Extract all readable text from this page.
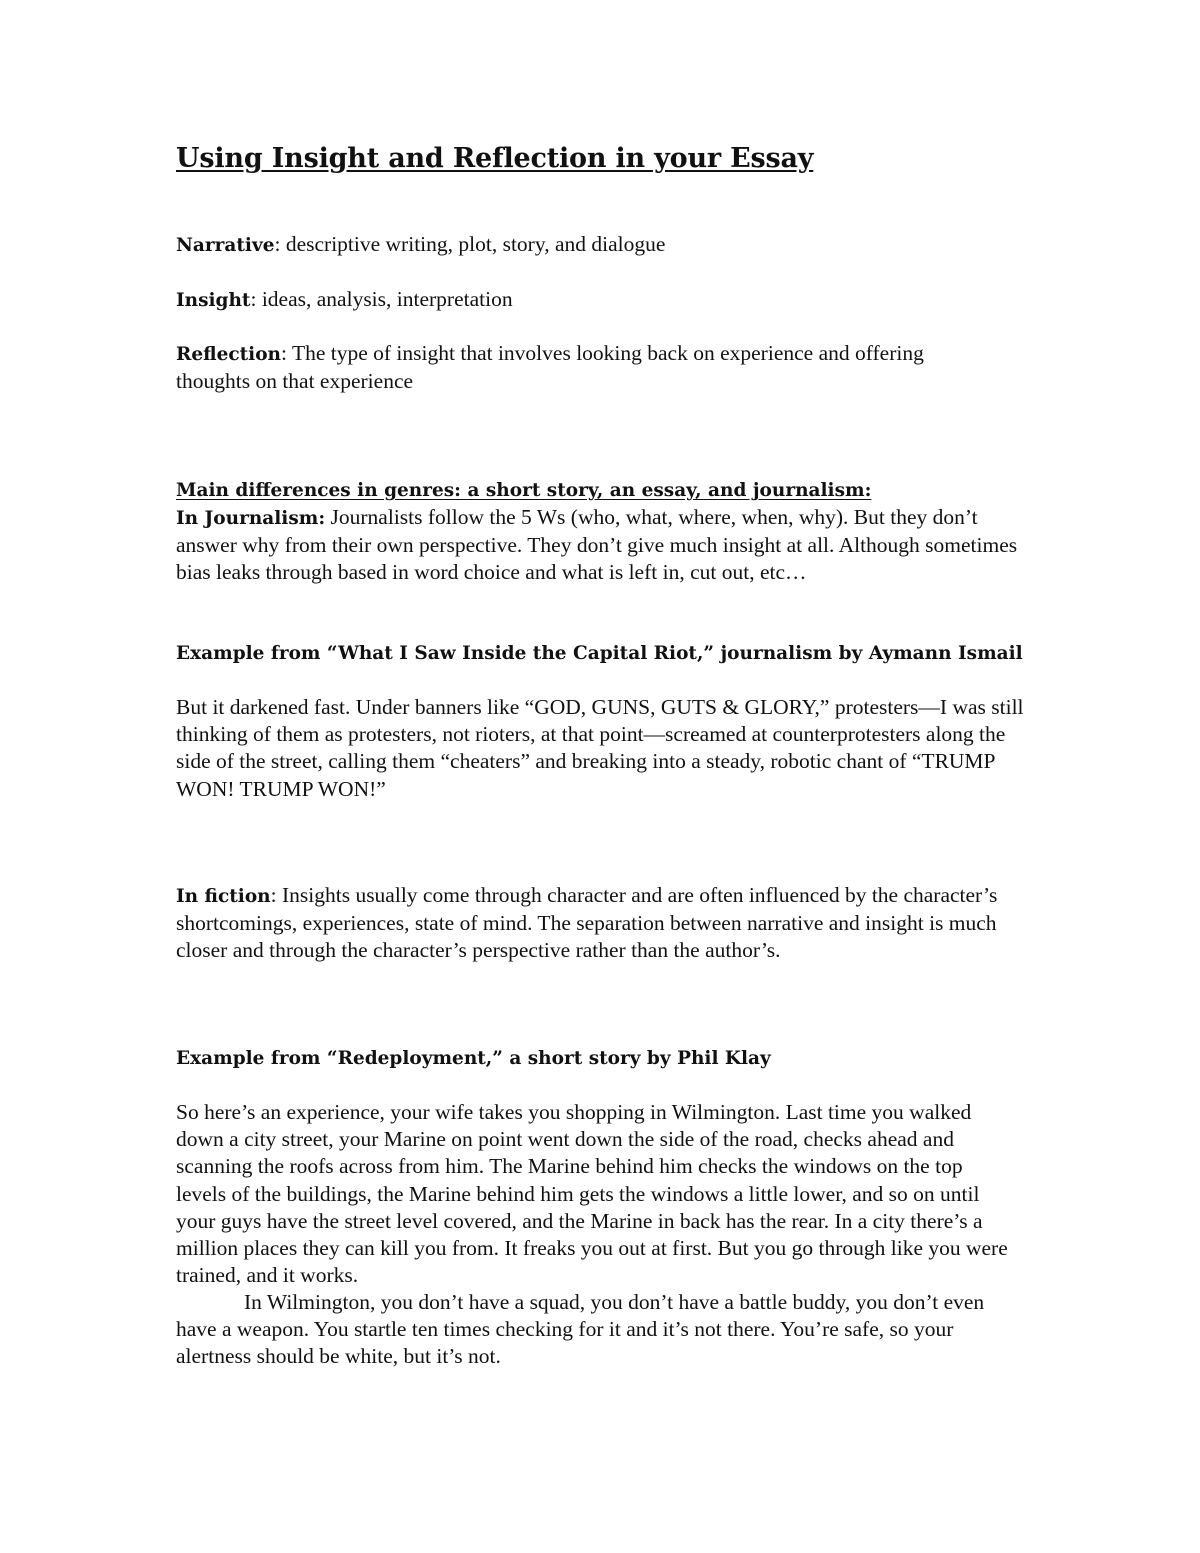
Using Insight and Reflection in your Essay

Narrative: descriptive writing, plot, story, and dialogue

Insight: ideas, analysis, interpretation

Reflection: The type of insight that involves looking back on experience and offering thoughts on that experience

Main differences in genres: a short story, an essay, and journalism:

In Journalism: Journalists follow the 5 Ws (who, what, where, when, why). But they don’t answer why from their own perspective. They don’t give much insight at all. Although sometimes bias leaks through based in word choice and what is left in, cut out, etc…

Example from “What I Saw Inside the Capital Riot,” journalism by Aymann Ismail

But it darkened fast. Under banners like “GOD, GUNS, GUTS & GLORY,” protesters—I was still thinking of them as protesters, not rioters, at that point—screamed at counterprotesters along the side of the street, calling them “cheaters” and breaking into a steady, robotic chant of “TRUMP WON! TRUMP WON!”

In fiction: Insights usually come through character and are often influenced by the character’s shortcomings, experiences, state of mind. The separation between narrative and insight is much closer and through the character’s perspective rather than the author’s.

Example from “Redeployment,” a short story by Phil Klay

So here’s an experience, your wife takes you shopping in Wilmington. Last time you walked down a city street, your Marine on point went down the side of the road, checks ahead and scanning the roofs across from him. The Marine behind him checks the windows on the top levels of the buildings, the Marine behind him gets the windows a little lower, and so on until your guys have the street level covered, and the Marine in back has the rear. In a city there’s a million places they can kill you from. It freaks you out at first. But you go through like you were trained, and it works.

In Wilmington, you don’t have a squad, you don’t have a battle buddy, you don’t even have a weapon. You startle ten times checking for it and it’s not there. You’re safe, so your alertness should be white, but it’s not.
